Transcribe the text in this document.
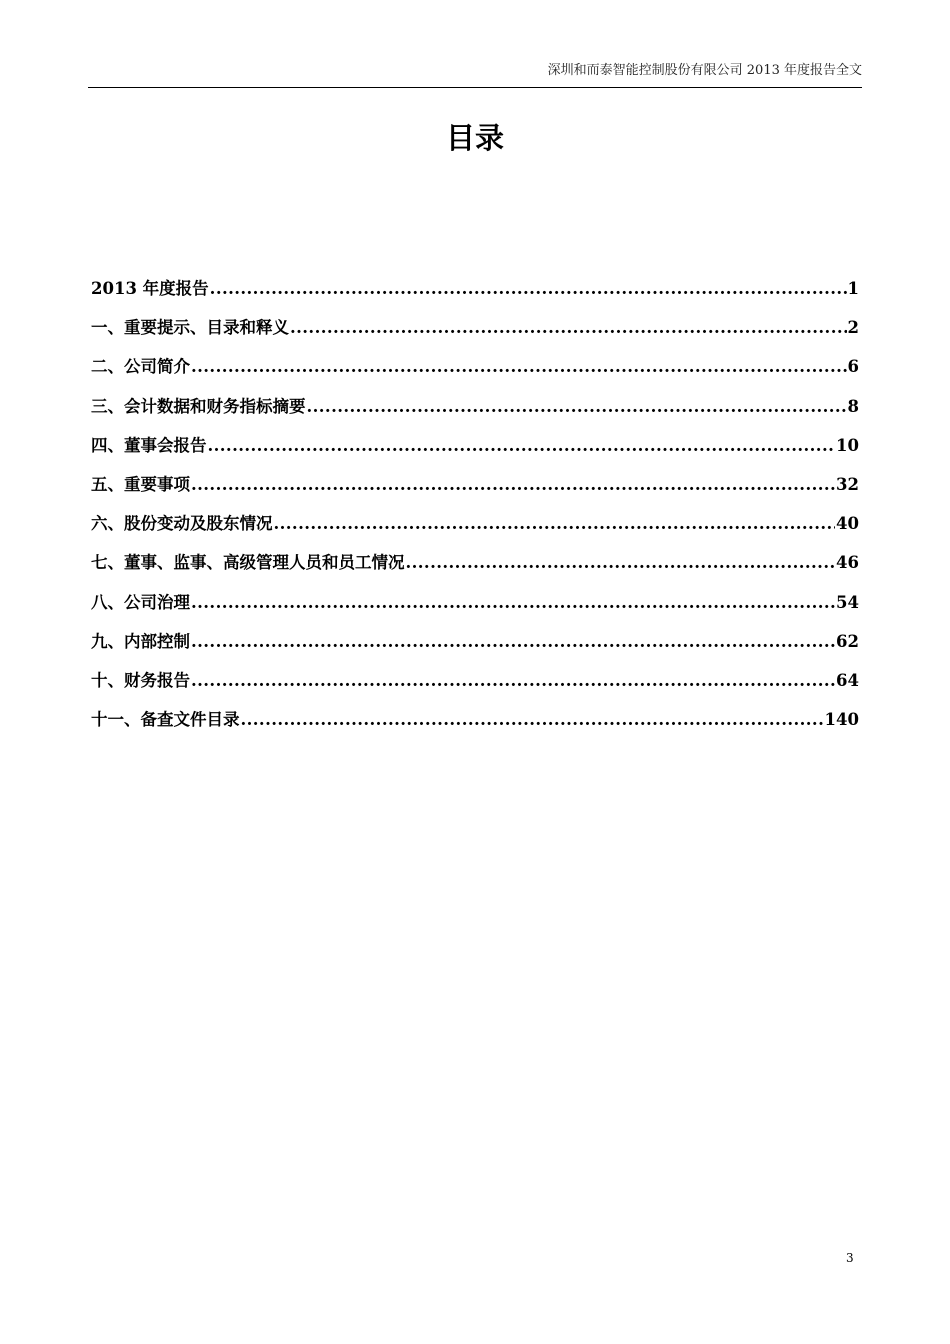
深圳和而泰智能控制股份有限公司 2013 年度报告全文
目录
2013 年度报告 .....	1
一、重要提示、目录和释义 .....	2
二、公司简介 .....	6
三、会计数据和财务指标摘要 .....	8
四、董事会报告 .....	10
五、重要事项 .....	32
六、股份变动及股东情况 .....	40
七、董事、监事、高级管理人员和员工情况 .....	46
八、公司治理 .....	54
九、内部控制 .....	62
十、财务报告 .....	64
十一、备查文件目录 .....	140
3
